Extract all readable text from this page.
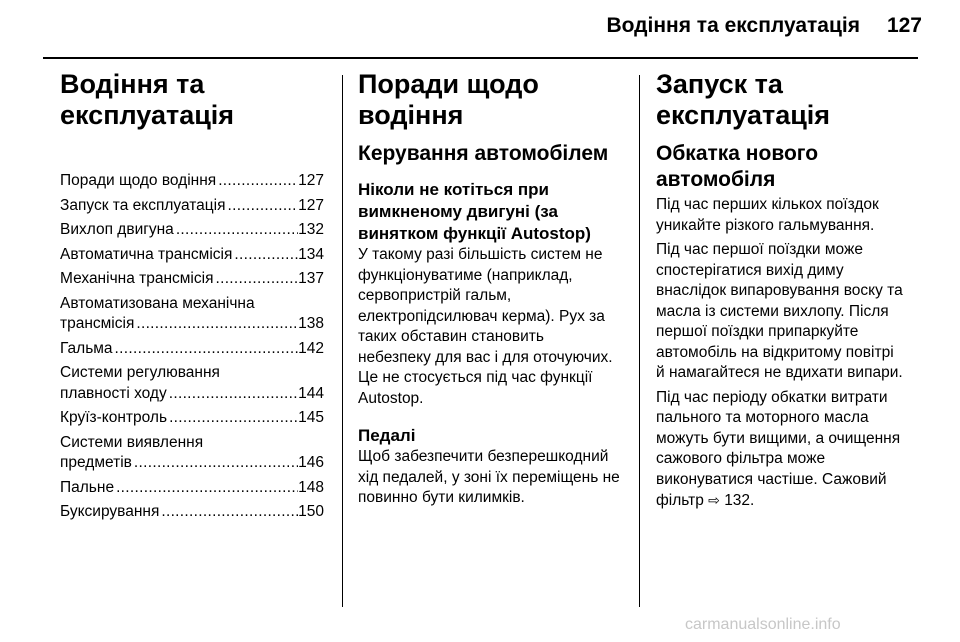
Водіння та експлуатація	127
Водіння та
експлуатація
Поради щодо водіння . . .	127
Запуск та експлуатація . . .	127
Вихлоп двигуна . . .	132
Автоматична трансмісія . . .	134
Механічна трансмісія . . .	137
Автоматизована механічна
трансмісія . . .	138
Гальма . . .	142
Системи регулювання
плавності ходу . . .	144
Круїз-контроль . . .	145
Системи виявлення
предметів . . .	146
Пальне . . .	148
Буксирування . . .	150
Поради щодо водіння
Керування автомобілем
Ніколи не котіться при
вимкненому двигуні (за
винятком функції Autostop)
У такому разі більшість систем не
функціонуватиме (наприклад,
сервопристрій гальм,
електропідсилювач керма). Рух за
таких обставин становить
небезпеку для вас і для оточуючих.
Це не стосується під час функції
Autostop.
Педалі
Щоб забезпечити безперешкодний
хід педалей, у зоні їх переміщень не
повинно бути килимків.
Запуск та
експлуатація
Обкатка нового
автомобіля
Під час перших кількох поїздок
уникайте різкого гальмування.
Під час першої поїздки може
спостерігатися вихід диму
внаслідок випаровування воску та
масла із системи вихлопу. Після
першої поїздки припаркуйте
автомобіль на відкритому повітрі
й намагайтеся не вдихати випари.
Під час періоду обкатки витрати
пального та моторного масла
можуть бути вищими, а очищення
сажового фільтра може
виконуватися частіше. Сажовий
фільтр ⇨ 132.
carmanualsonline.info
